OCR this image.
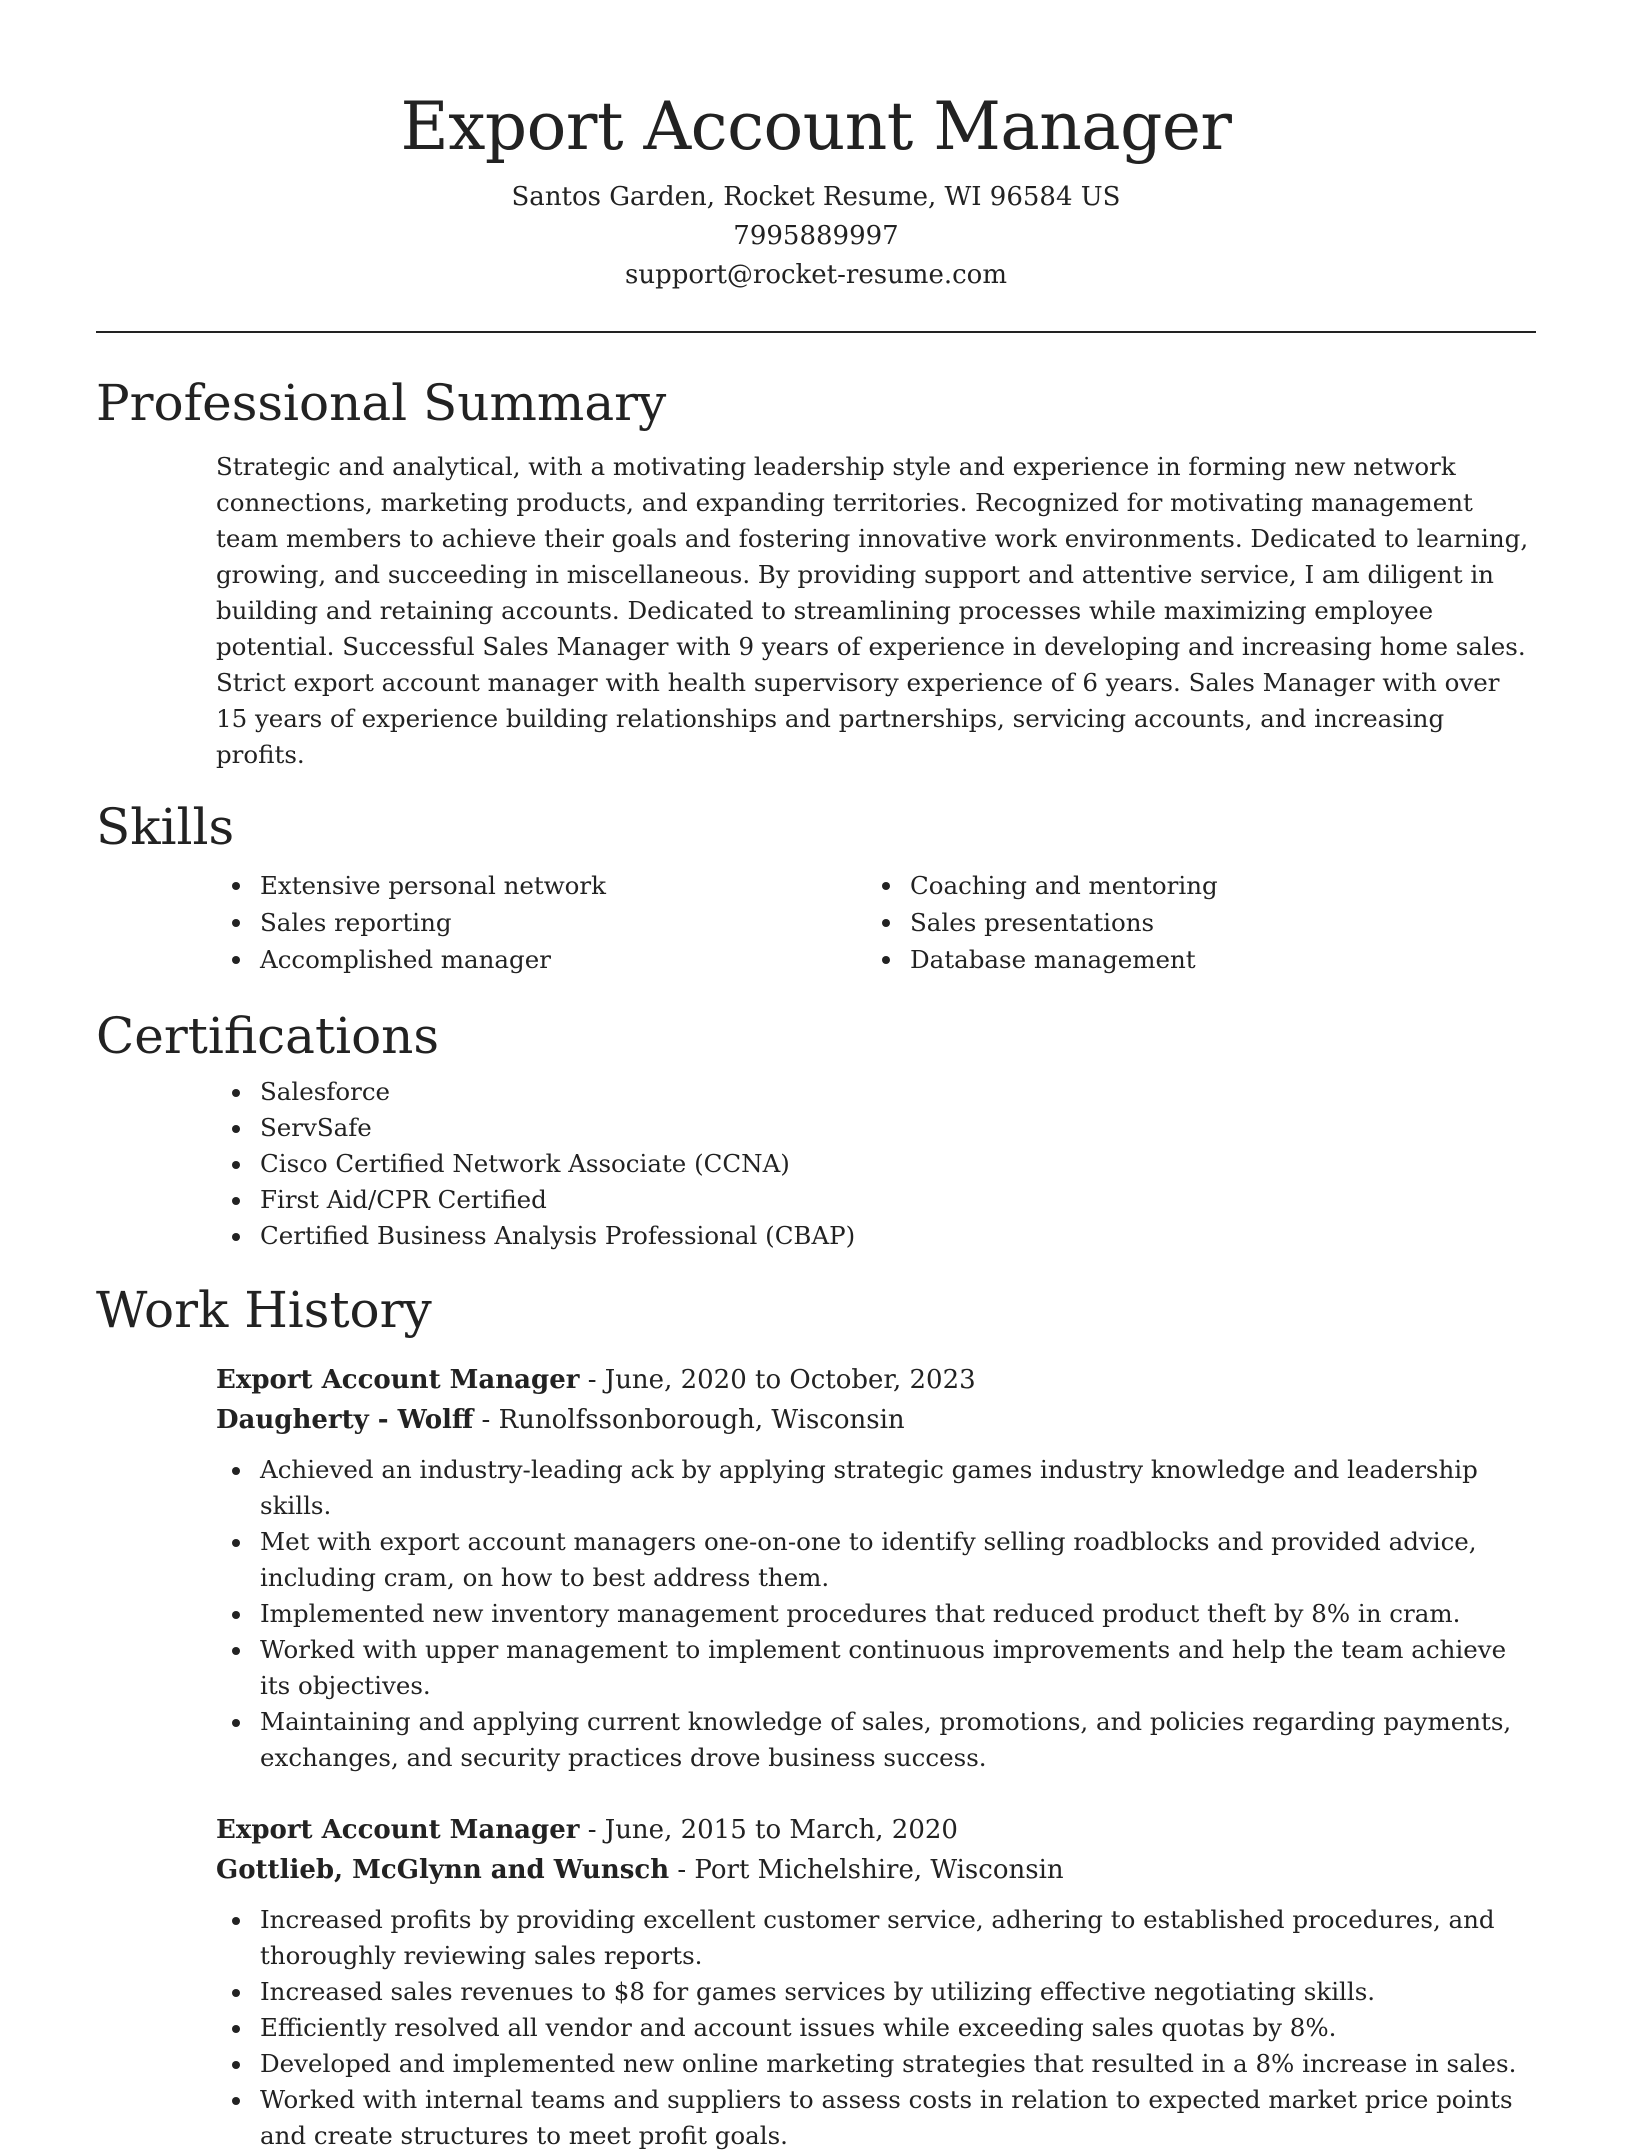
Export Account Manager
Santos Garden, Rocket Resume, WI 96584 US
7995889997
support@rocket-resume.com
Professional Summary

Strategic and analytical, with a motivating leadership style and experience in forming new network connections, marketing products, and expanding territories. Recognized for motivating management team members to achieve their goals and fostering innovative work environments. Dedicated to learning, growing, and succeeding in miscellaneous. By providing support and attentive service, I am diligent in building and retaining accounts. Dedicated to streamlining processes while maximizing employee potential. Successful Sales Manager with 9 years of experience in developing and increasing home sales. Strict export account manager with health supervisory experience of 6 years. Sales Manager with over 15 years of experience building relationships and partnerships, servicing accounts, and increasing profits.

Skills
Extensive personal network
Sales reporting
Accomplished manager
Coaching and mentoring
Sales presentations
Database management
Certifications
Salesforce
ServSafe
Cisco Certified Network Associate (CCNA)
First Aid/CPR Certified
Certified Business Analysis Professional (CBAP)
Work History
Export Account Manager - June, 2020 to October, 2023
Daugherty - Wolff - Runolfssonborough, Wisconsin
Achieved an industry-leading ack by applying strategic games industry knowledge and leadership skills.
Met with export account managers one-on-one to identify selling roadblocks and provided advice, including cram, on how to best address them.
Implemented new inventory management procedures that reduced product theft by 8% in cram.
Worked with upper management to implement continuous improvements and help the team achieve its objectives.
Maintaining and applying current knowledge of sales, promotions, and policies regarding payments, exchanges, and security practices drove business success.
Export Account Manager - June, 2015 to March, 2020
Gottlieb, McGlynn and Wunsch - Port Michelshire, Wisconsin
Increased profits by providing excellent customer service, adhering to established procedures, and thoroughly reviewing sales reports.
Increased sales revenues to $8 for games services by utilizing effective negotiating skills.
Efficiently resolved all vendor and account issues while exceeding sales quotas by 8%.
Developed and implemented new online marketing strategies that resulted in a 8% increase in sales.
Worked with internal teams and suppliers to assess costs in relation to expected market price points and create structures to meet profit goals.
